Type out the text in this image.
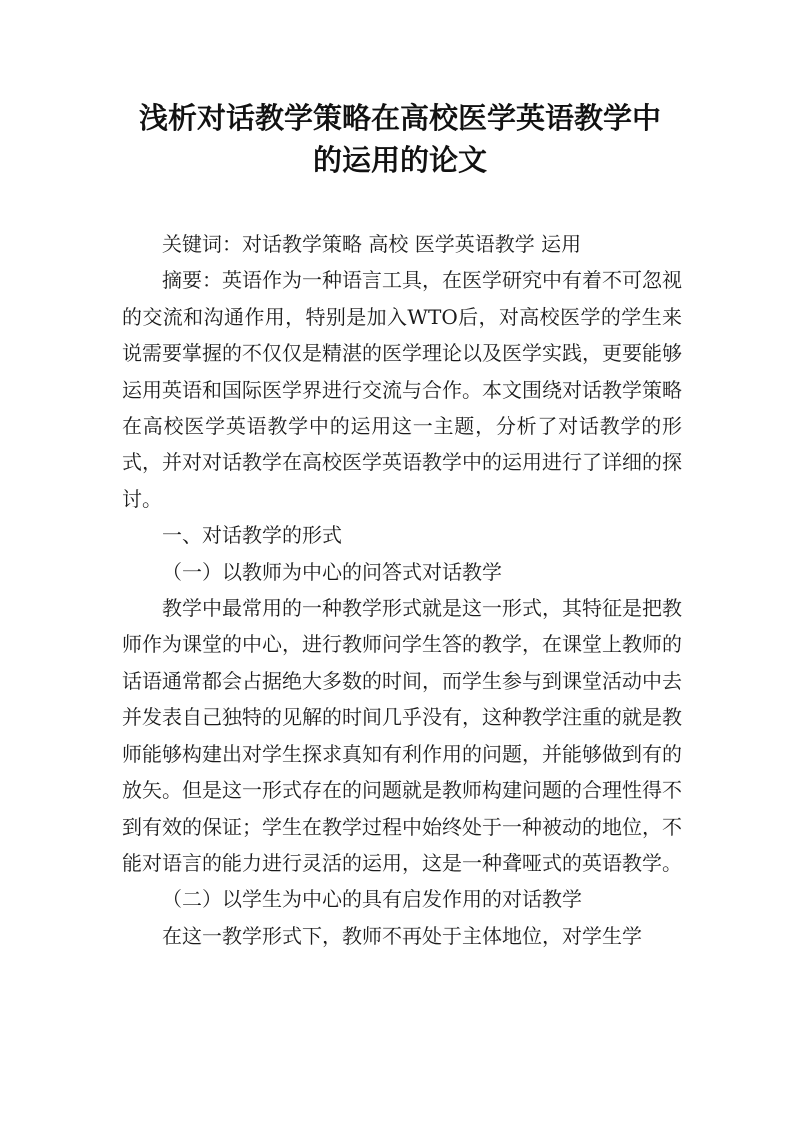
浅析对话教学策略在高校医学英语教学中
的运用的论文

关键词：对话教学策略 高校 医学英语教学 运用

摘要：英语作为一种语言工具，在医学研究中有着不可忽视的交流和沟通作用，特别是加入WTO后，对高校医学的学生来说需要掌握的不仅仅是精湛的医学理论以及医学实践，更要能够运用英语和国际医学界进行交流与合作。本文围绕对话教学策略在高校医学英语教学中的运用这一主题，分析了对话教学的形式，并对对话教学在高校医学英语教学中的运用进行了详细的探讨。

一、对话教学的形式

（一）以教师为中心的问答式对话教学

教学中最常用的一种教学形式就是这一形式，其特征是把教师作为课堂的中心，进行教师问学生答的教学，在课堂上教师的话语通常都会占据绝大多数的时间，而学生参与到课堂活动中去并发表自己独特的见解的时间几乎没有，这种教学注重的就是教师能够构建出对学生探求真知有利作用的问题，并能够做到有的放矢。但是这一形式存在的问题就是教师构建问题的合理性得不到有效的保证；学生在教学过程中始终处于一种被动的地位，不能对语言的能力进行灵活的运用，这是一种聋哑式的英语教学。

（二）以学生为中心的具有启发作用的对话教学

在这一教学形式下，教师不再处于主体地位，对学生学
